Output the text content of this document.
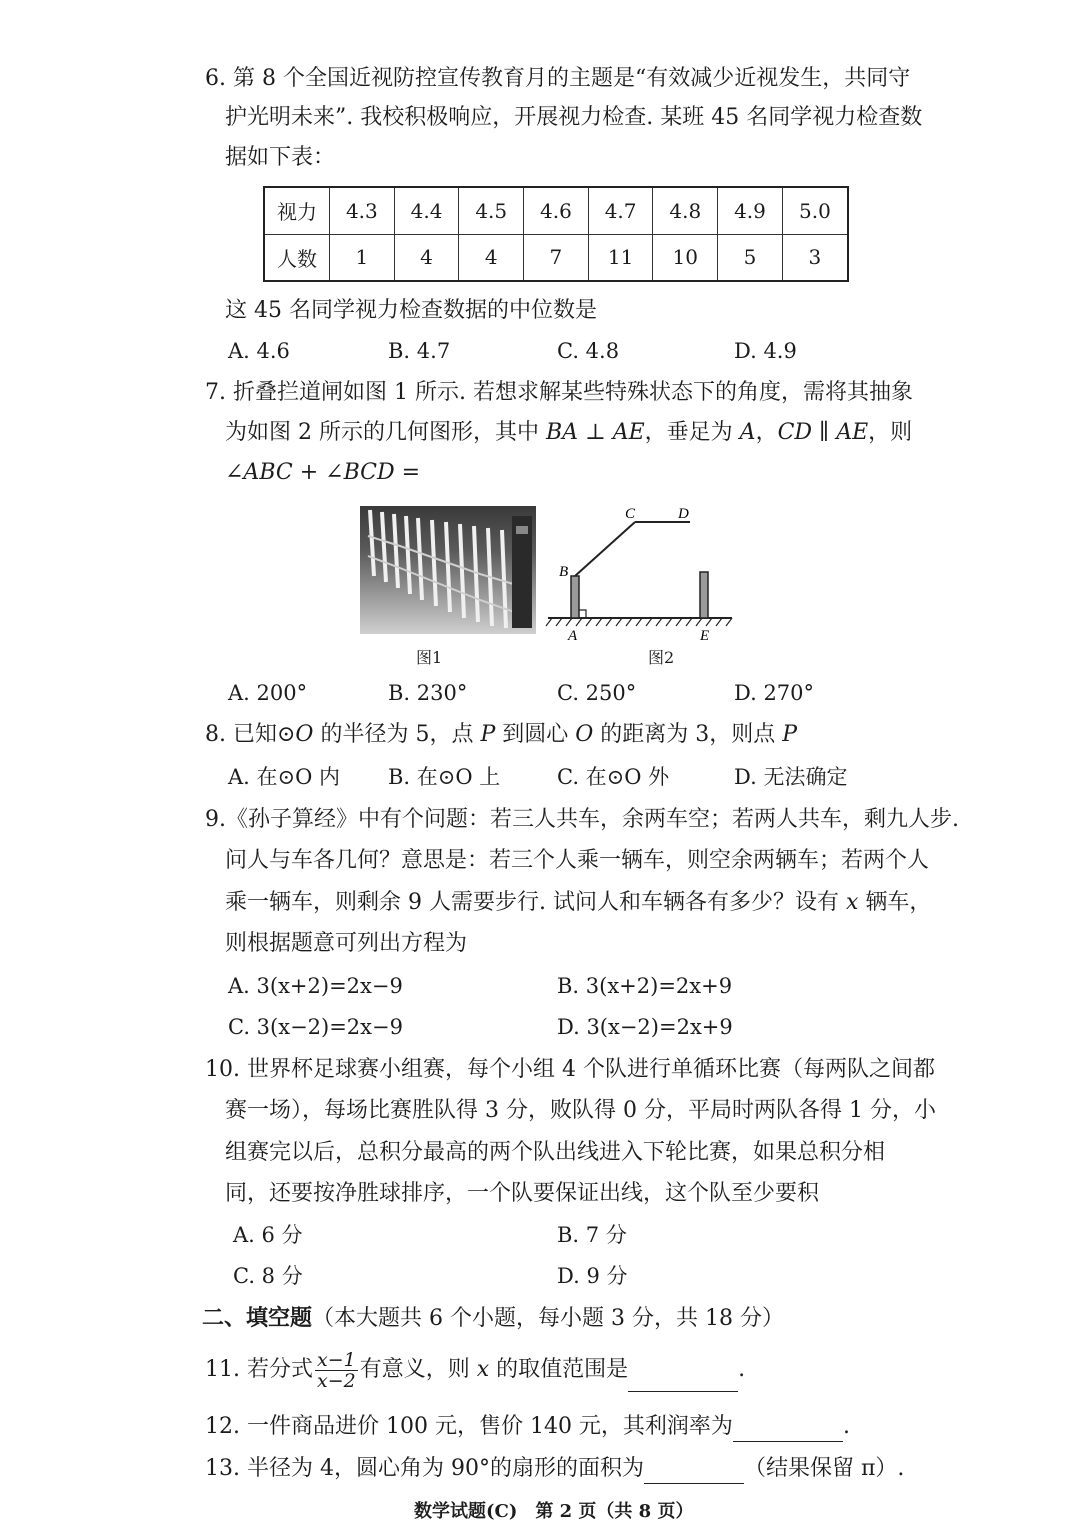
6. 第 8 个全国近视防控宣传教育月的主题是“有效减少近视发生，共同守
护光明未来”. 我校积极响应，开展视力检查. 某班 45 名同学视力检查数
据如下表：
视力	4.3	4.4	4.5	4.6	4.7	4.8	4.9	5.0
人数	1	4	4	7	11	10	5	3
这 45 名同学视力检查数据的中位数是
A. 4.6	B. 4.7	C. 4.8	D. 4.9
7. 折叠拦道闸如图 1 所示. 若想求解某些特殊状态下的角度，需将其抽象
为如图 2 所示的几何图形，其中 BA ⊥ AE，垂足为 A，CD ∥ AE，则
∠ABC + ∠BCD =
图1
C	D
B
A	E
图2
A. 200°	B. 230°	C. 250°	D. 270°
8. 已知⊙O 的半径为 5，点 P 到圆心 O 的距离为 3，则点 P
A. 在⊙O 内 B. 在⊙O 上	C. 在⊙O 外	D. 无法确定
9.《孙子算经》中有个问题：若三人共车，余两车空；若两人共车，剩九人步.
问人与车各几何？意思是：若三个人乘一辆车，则空余两辆车；若两个人
乘一辆车，则剩余 9 人需要步行. 试问人和车辆各有多少？设有 x 辆车，
则根据题意可列出方程为
A. 3(x+2)=2x−9	B. 3(x+2)=2x+9
C. 3(x−2)=2x−9	D. 3(x−2)=2x+9
10. 世界杯足球赛小组赛，每个小组 4 个队进行单循环比赛（每两队之间都
赛一场），每场比赛胜队得 3 分，败队得 0 分，平局时两队各得 1 分，小
组赛完以后，总积分最高的两个队出线进入下轮比赛，如果总积分相
同，还要按净胜球排序，一个队要保证出线，这个队至少要积
A. 6 分	B. 7 分
C. 8 分	D. 9 分
二、填空题（本大题共 6 个小题，每小题 3 分，共 18 分）
11. 若分式 $\frac{x-1}{x-2}$ 有意义，则 x 的取值范围是	.
12. 一件商品进价 100 元，售价 140 元，其利润率为	.
13. 半径为 4，圆心角为 90°的扇形的面积为	（结果保留 π）.
数学试题(C)　第 2 页（共 8 页）
